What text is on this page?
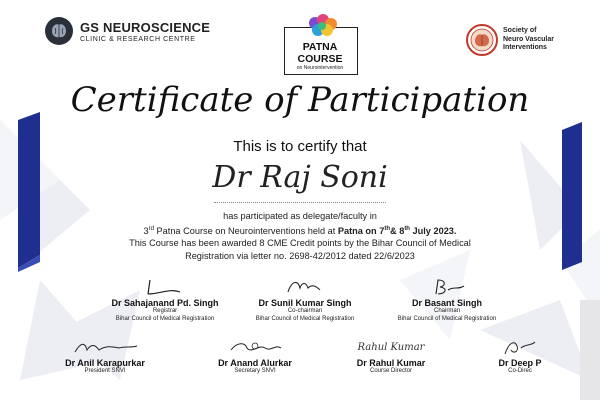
GS NEUROSCIENCE
CLINIC & RESEARCH CENTRE
PATNA
COURSE
on Neurointervention
Society of
Neuro Vascular
Interventions
Certificate of Participation
This is to certify that
Dr Raj Soni
has participated as delegate/faculty in
3rd Patna Course on Neurointerventions held at Patna on 7th& 8th July 2023.
This Course has been awarded 8 CME Credit points by the Bihar Council of Medical
Registration via letter no. 2698-42/2012 dated 22/6/2023
Dr Sahajanand Pd. Singh
Registrar
Bihar Council of Medical Registration
Dr Sunil Kumar Singh
Co-chairman
Bihar Council of Medical Registration
Dr Basant Singh
Chairman
Bihar Council of Medical Registration
Dr Anil Karapurkar
President SNVI
Dr Anand Alurkar
Secretary SNVI
Rahul Kumar
Dr Rahul Kumar
Course Director
Dr Deep P
Co-Direc
